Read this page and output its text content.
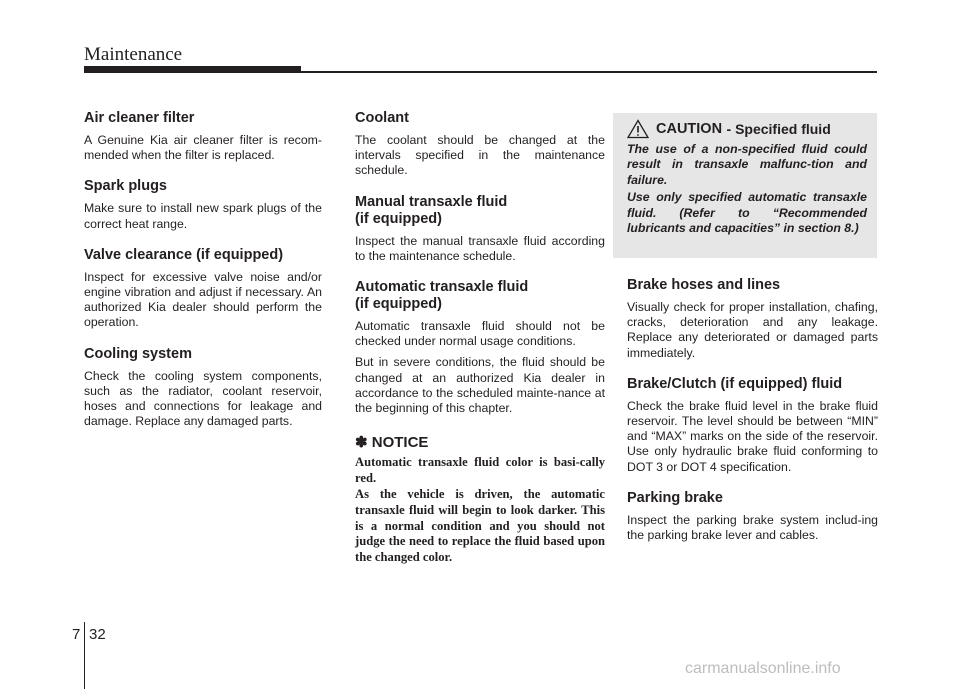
Maintenance
Air cleaner filter

A Genuine Kia air cleaner filter is recom-mended when the filter is replaced.

Spark plugs

Make sure to install new spark plugs of the correct heat range.

Valve clearance (if equipped)

Inspect for excessive valve noise and/or engine vibration and adjust if necessary. An authorized Kia dealer should perform the operation.

Cooling system

Check the cooling system components, such as the radiator, coolant reservoir, hoses and connections for leakage and damage. Replace any damaged parts.

Coolant

The coolant should be changed at the intervals specified in the maintenance schedule.

Manual transaxle fluid
(if equipped)

Inspect the manual transaxle fluid according to the maintenance schedule.

Automatic transaxle fluid
(if equipped)

Automatic transaxle fluid should not be checked under normal usage conditions.

But in severe conditions, the fluid should be changed at an authorized Kia dealer in accordance to the scheduled mainte-nance at the beginning of this chapter.

✽ NOTICE

Automatic transaxle fluid color is basi-cally red.

As the vehicle is driven, the automatic transaxle fluid will begin to look darker. This is a normal condition and you should not judge the need to replace the fluid based upon the changed color.

CAUTION
- Specified fluid

The use of a non-specified fluid could result in transaxle malfunc-tion and failure.

Use only specified automatic transaxle fluid. (Refer to “Recommended lubricants and capacities” in section 8.)

Brake hoses and lines

Visually check for proper installation, chafing, cracks, deterioration and any leakage. Replace any deteriorated or damaged parts immediately.

Brake/Clutch (if equipped) fluid

Check the brake fluid level in the brake fluid reservoir. The level should be between “MIN” and “MAX” marks on the side of the reservoir. Use only hydraulic brake fluid conforming to DOT 3 or DOT 4 specification.

Parking brake

Inspect the parking brake system includ-ing the parking brake lever and cables.

7 32
carmanualsonline.info
